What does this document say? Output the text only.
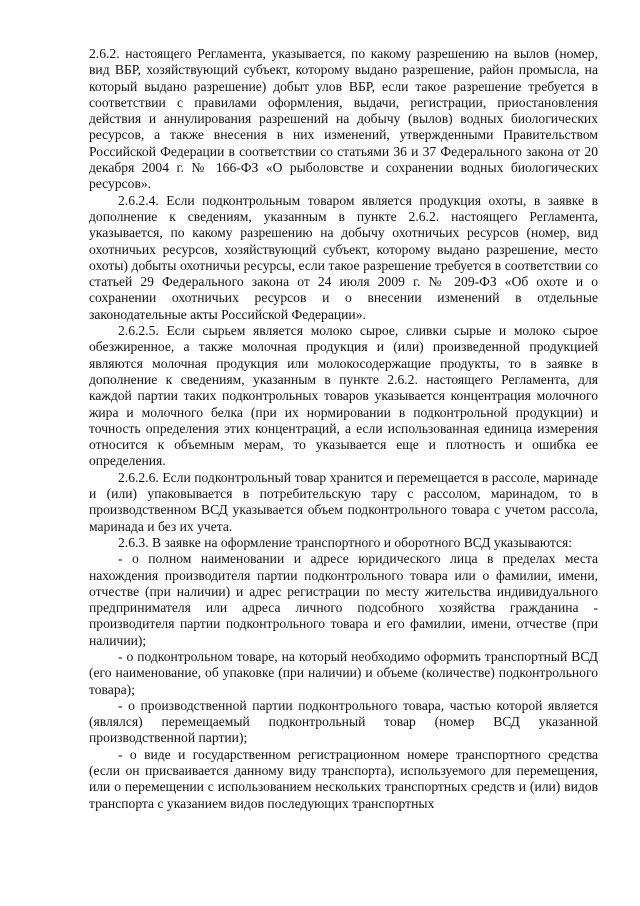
2.6.2. настоящего Регламента, указывается, по какому разрешению на вылов (номер, вид ВБР, хозяйствующий субъект, которому выдано разрешение, район промысла, на который выдано разрешение) добыт улов ВБР, если такое разрешение требуется в соответствии с правилами оформления, выдачи, регистрации, приостановления действия и аннулирования разрешений на добычу (вылов) водных биологических ресурсов, а также внесения в них изменений, утвержденными Правительством Российской Федерации в соответствии со статьями 36 и 37 Федерального закона от 20 декабря 2004 г. № 166-ФЗ «О рыболовстве и сохранении водных биологических ресурсов».

2.6.2.4. Если подконтрольным товаром является продукция охоты, в заявке в дополнение к сведениям, указанным в пункте 2.6.2. настоящего Регламента, указывается, по какому разрешению на добычу охотничьих ресурсов (номер, вид охотничьих ресурсов, хозяйствующий субъект, которому выдано разрешение, место охоты) добыты охотничьи ресурсы, если такое разрешение требуется в соответствии со статьей 29 Федерального закона от 24 июля 2009 г. № 209-ФЗ «Об охоте и о сохранении охотничьих ресурсов и о внесении изменений в отдельные законодательные акты Российской Федерации».

2.6.2.5. Если сырьем является молоко сырое, сливки сырые и молоко сырое обезжиренное, а также молочная продукция и (или) произведенной продукцией являются молочная продукция или молокосодержащие продукты, то в заявке в дополнение к сведениям, указанным в пункте 2.6.2. настоящего Регламента, для каждой партии таких подконтрольных товаров указывается концентрация молочного жира и молочного белка (при их нормировании в подконтрольной продукции) и точность определения этих концентраций, а если использованная единица измерения относится к объемным мерам, то указывается еще и плотность и ошибка ее определения.

2.6.2.6. Если подконтрольный товар хранится и перемещается в рассоле, маринаде и (или) упаковывается в потребительскую тару с рассолом, маринадом, то в производственном ВСД указывается объем подконтрольного товара с учетом рассола, маринада и без их учета.

2.6.3. В заявке на оформление транспортного и оборотного ВСД указываются:

- о полном наименовании и адресе юридического лица в пределах места нахождения производителя партии подконтрольного товара или о фамилии, имени, отчестве (при наличии) и адрес регистрации по месту жительства индивидуального предпринимателя или адреса личного подсобного хозяйства гражданина - производителя партии подконтрольного товара и его фамилии, имени, отчестве (при наличии);

- о подконтрольном товаре, на который необходимо оформить транспортный ВСД (его наименование, об упаковке (при наличии) и объеме (количестве) подконтрольного товара);

- о производственной партии подконтрольного товара, частью которой является (являлся) перемещаемый подконтрольный товар (номер ВСД указанной производственной партии);

- о виде и государственном регистрационном номере транспортного средства (если он присваивается данному виду транспорта), используемого для перемещения, или о перемещении с использованием нескольких транспортных средств и (или) видов транспорта с указанием видов последующих транспортных
